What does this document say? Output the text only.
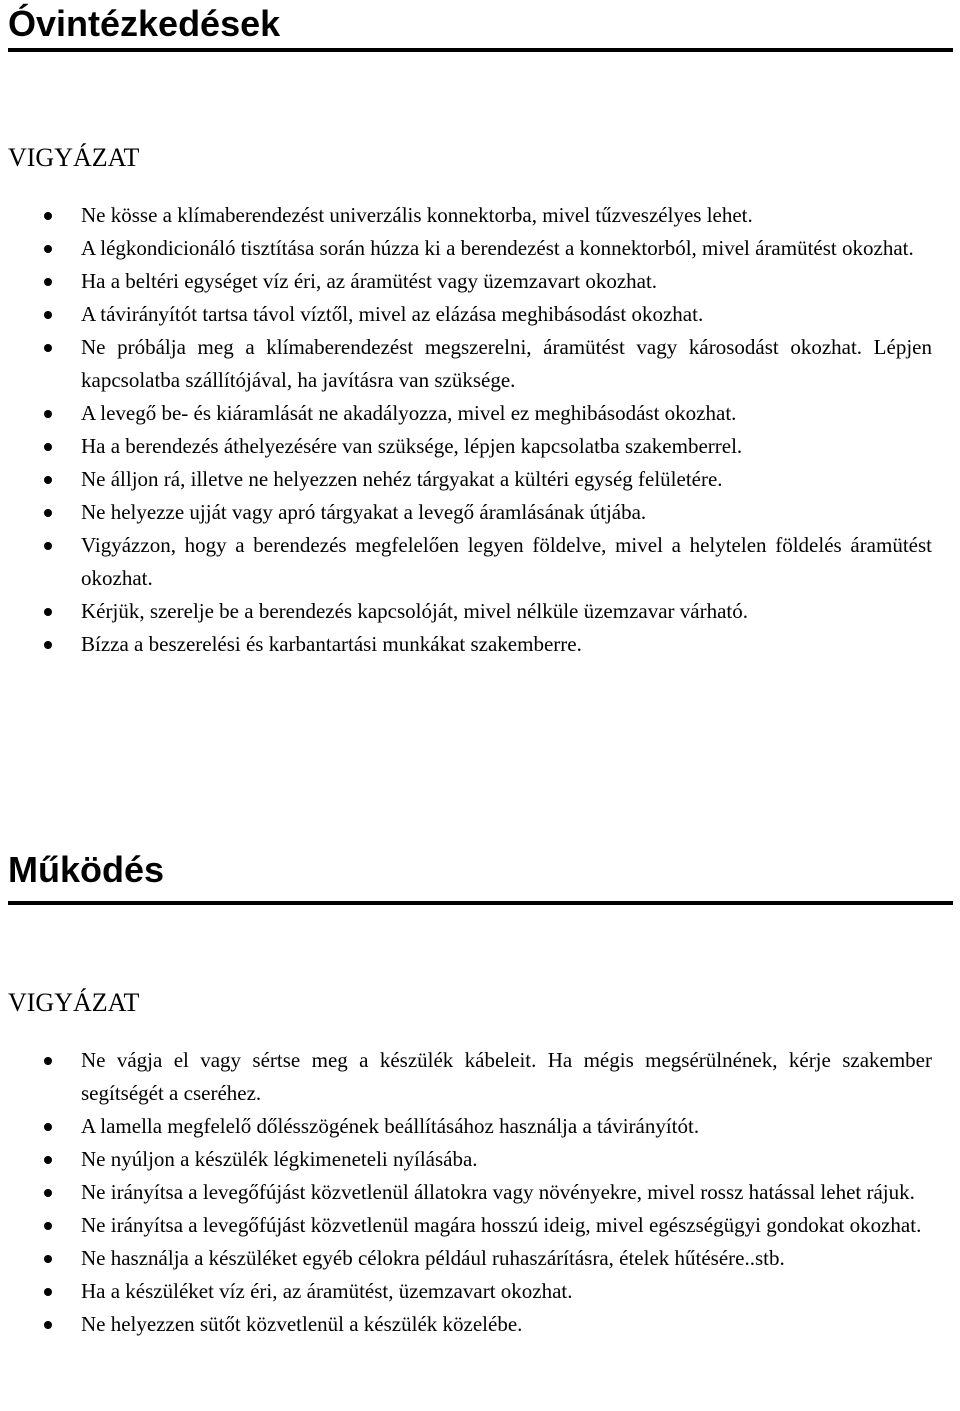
Óvintézkedések

VIGYÁZAT

Ne kösse a klímaberendezést univerzális konnektorba, mivel tűzveszélyes lehet.
A légkondicionáló tisztítása során húzza ki a berendezést a konnektorból, mivel áramütést okozhat.
Ha a beltéri egységet víz éri, az áramütést vagy üzemzavart okozhat.
A távirányítót tartsa távol víztől, mivel az elázása meghibásodást okozhat.
Ne próbálja meg a klímaberendezést megszerelni, áramütést vagy károsodást okozhat. Lépjen kapcsolatba szállítójával, ha javításra van szüksége.
A levegő be- és kiáramlását ne akadályozza, mivel ez meghibásodást okozhat.
Ha a berendezés áthelyezésére van szüksége, lépjen kapcsolatba szakemberrel.
Ne álljon rá, illetve ne helyezzen nehéz tárgyakat a kültéri egység felületére.
Ne helyezze ujját vagy apró tárgyakat a levegő áramlásának útjába.
Vigyázzon, hogy a berendezés megfelelően legyen földelve, mivel a helytelen földelés áramütést okozhat.
Kérjük, szerelje be a berendezés kapcsolóját, mivel nélküle üzemzavar várható.
Bízza a beszerelési és karbantartási munkákat szakemberre.
Működés

VIGYÁZAT

Ne vágja el vagy sértse meg a készülék kábeleit. Ha mégis megsérülnének, kérje szakember segítségét a cseréhez.
A lamella megfelelő dőlésszögének beállításához használja a távirányítót.
Ne nyúljon a készülék légkimeneteli nyílásába.
Ne irányítsa a levegőfújást közvetlenül állatokra vagy növényekre, mivel rossz hatással lehet rájuk.
Ne irányítsa a levegőfújást közvetlenül magára hosszú ideig, mivel egészségügyi gondokat okozhat.
Ne használja a készüléket egyéb célokra például ruhaszárításra, ételek hűtésére..stb.
Ha a készüléket víz éri, az áramütést, üzemzavart okozhat.
Ne helyezzen sütőt közvetlenül a készülék közelébe.
